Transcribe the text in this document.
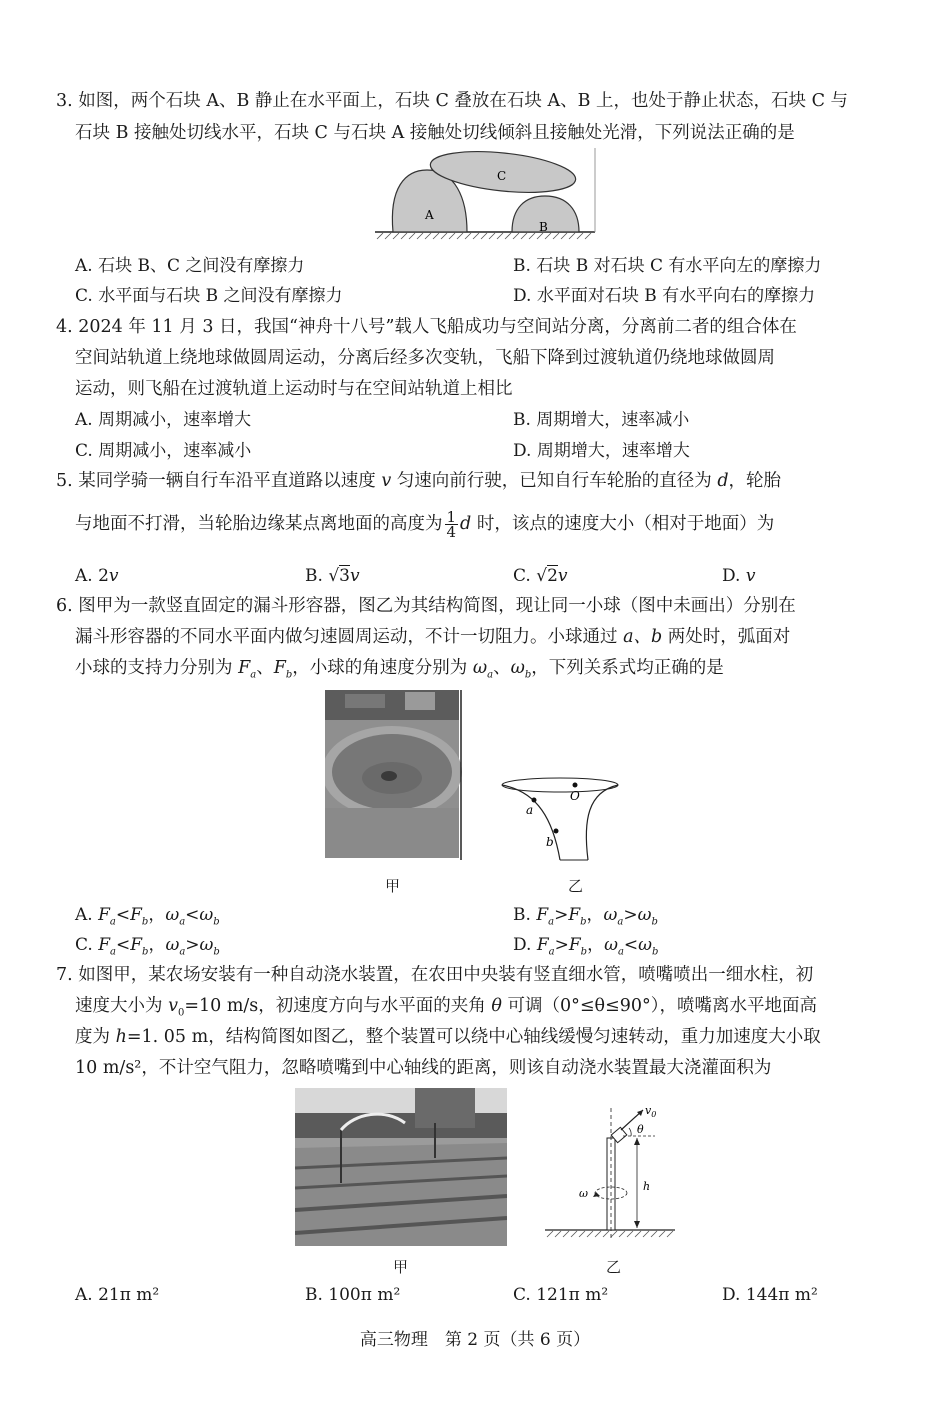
3. 如图，两个石块 A、B 静止在水平面上，石块 C 叠放在石块 A、B 上，也处于静止状态，石块 C 与
石块 B 接触处切线水平，石块 C 与石块 A 接触处切线倾斜且接触处光滑，下列说法正确的是
A
B
C
A. 石块 B、C 之间没有摩擦力	B. 石块 B 对石块 C 有水平向左的摩擦力
C. 水平面与石块 B 之间没有摩擦力	D. 水平面对石块 B 有水平向右的摩擦力
4. 2024 年 11 月 3 日，我国“神舟十八号”载人飞船成功与空间站分离，分离前二者的组合体在
空间站轨道上绕地球做圆周运动，分离后经多次变轨，飞船下降到过渡轨道仍绕地球做圆周
运动，则飞船在过渡轨道上运动时与在空间站轨道上相比
A. 周期减小，速率增大	B. 周期增大，速率减小
C. 周期减小，速率减小	D. 周期增大，速率增大
5. 某同学骑一辆自行车沿平直道路以速度 v 匀速向前行驶，已知自行车轮胎的直径为 d，轮胎
与地面不打滑，当轮胎边缘某点离地面的高度为 $\frac{1}{4}$ d 时，该点的速度大小（相对于地面）为
A. 2v	B. √3v	C. √2v	D. v
6. 图甲为一款竖直固定的漏斗形容器，图乙为其结构简图，现让同一小球（图中未画出）分别在
漏斗形容器的不同水平面内做匀速圆周运动，不计一切阻力。小球通过 a、b 两处时，弧面对
小球的支持力分别为 $F_a$、$F_b$，小球的角速度分别为 $\omega_a$、$\omega_b$，下列关系式均正确的是
O
a
b
甲	乙
A. $F_a<F_b$，$\omega_a<\omega_b$	B. $F_a>F_b$，$\omega_a>\omega_b$
C. $F_a<F_b$，$\omega_a>\omega_b$	D. $F_a>F_b$，$\omega_a<\omega_b$
7. 如图甲，某农场安装有一种自动浇水装置，在农田中央装有竖直细水管，喷嘴喷出一细水柱，初
速度大小为 $v_0=10$ m/s，初速度方向与水平面的夹角 θ 可调（0°≤θ≤90°），喷嘴离水平地面高
度为 h=1. 05 m，结构简图如图乙，整个装置可以绕中心轴线缓慢匀速转动，重力加速度大小取
10 m/s²，不计空气阻力，忽略喷嘴到中心轴线的距离，则该自动浇水装置最大浇灌面积为
$v_0$
θ
ω
h
甲	乙
A. 21π m²	B. 100π m²	C. 121π m²	D. 144π m²
高三物理　第 2 页（共 6 页）
